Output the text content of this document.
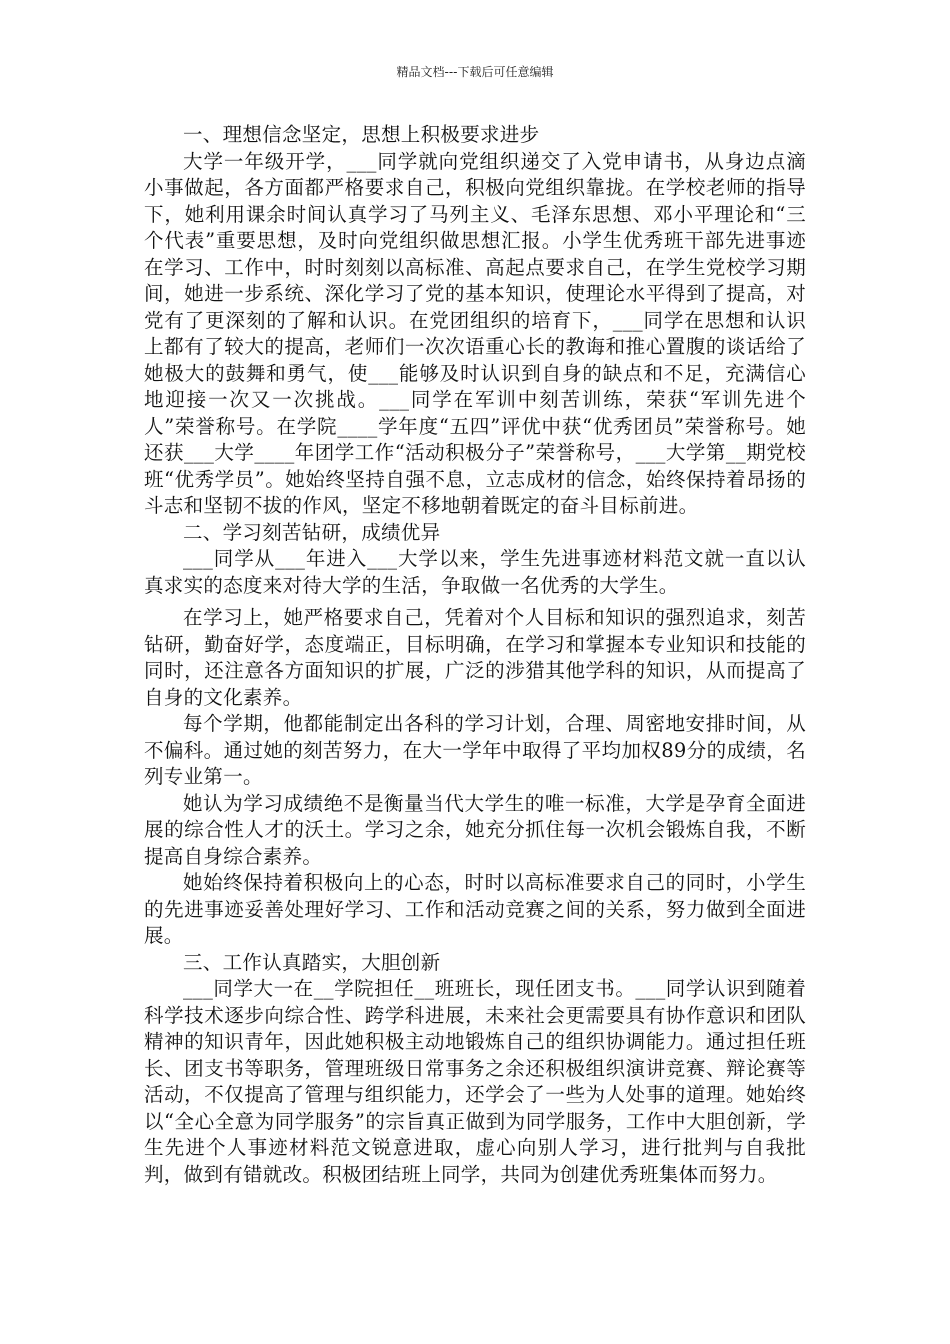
精品文档---下载后可任意编辑
一、理想信念坚定，思想上积极要求进步

大学一年级开学，___同学就向党组织递交了入党申请书，从身边点滴小事做起，各方面都严格要求自己，积极向党组织靠拢。在学校老师的指导下，她利用课余时间认真学习了马列主义、毛泽东思想、邓小平理论和“三个代表”重要思想，及时向党组织做思想汇报。小学生优秀班干部先进事迹在学习、工作中，时时刻刻以高标准、高起点要求自己，在学生党校学习期间，她进一步系统、深化学习了党的基本知识，使理论水平得到了提高，对党有了更深刻的了解和认识。在党团组织的培育下，___同学在思想和认识上都有了较大的提高，老师们一次次语重心长的教诲和推心置腹的谈话给了她极大的鼓舞和勇气，使___能够及时认识到自身的缺点和不足，充满信心地迎接一次又一次挑战。___同学在军训中刻苦训练，荣获“军训先进个人”荣誉称号。在学院____学年度“五四”评优中获“优秀团员”荣誉称号。她还获___大学____年团学工作“活动积极分子”荣誉称号，___大学第__期党校班“优秀学员”。她始终坚持自强不息，立志成材的信念，始终保持着昂扬的斗志和坚韧不拔的作风，坚定不移地朝着既定的奋斗目标前进。

二、学习刻苦钻研，成绩优异

___同学从___年进入___大学以来，学生先进事迹材料范文就一直以认真求实的态度来对待大学的生活，争取做一名优秀的大学生。

在学习上，她严格要求自己，凭着对个人目标和知识的强烈追求，刻苦钻研，勤奋好学，态度端正，目标明确，在学习和掌握本专业知识和技能的同时，还注意各方面知识的扩展，广泛的涉猎其他学科的知识，从而提高了自身的文化素养。

每个学期，他都能制定出各科的学习计划，合理、周密地安排时间，从不偏科。通过她的刻苦努力，在大一学年中取得了平均加权89分的成绩，名列专业第一。

她认为学习成绩绝不是衡量当代大学生的唯一标准，大学是孕育全面进展的综合性人才的沃土。学习之余，她充分抓住每一次机会锻炼自我，不断提高自身综合素养。

她始终保持着积极向上的心态，时时以高标准要求自己的同时，小学生的先进事迹妥善处理好学习、工作和活动竞赛之间的关系，努力做到全面进展。

三、工作认真踏实，大胆创新

___同学大一在__学院担任__班班长，现任团支书。___同学认识到随着科学技术逐步向综合性、跨学科进展，未来社会更需要具有协作意识和团队精神的知识青年，因此她积极主动地锻炼自己的组织协调能力。通过担任班长、团支书等职务，管理班级日常事务之余还积极组织演讲竞赛、辩论赛等活动，不仅提高了管理与组织能力，还学会了一些为人处事的道理。她始终以“全心全意为同学服务”的宗旨真正做到为同学服务，工作中大胆创新，学生先进个人事迹材料范文锐意进取，虚心向别人学习，进行批判与自我批判，做到有错就改。积极团结班上同学，共同为创建优秀班集体而努力。
